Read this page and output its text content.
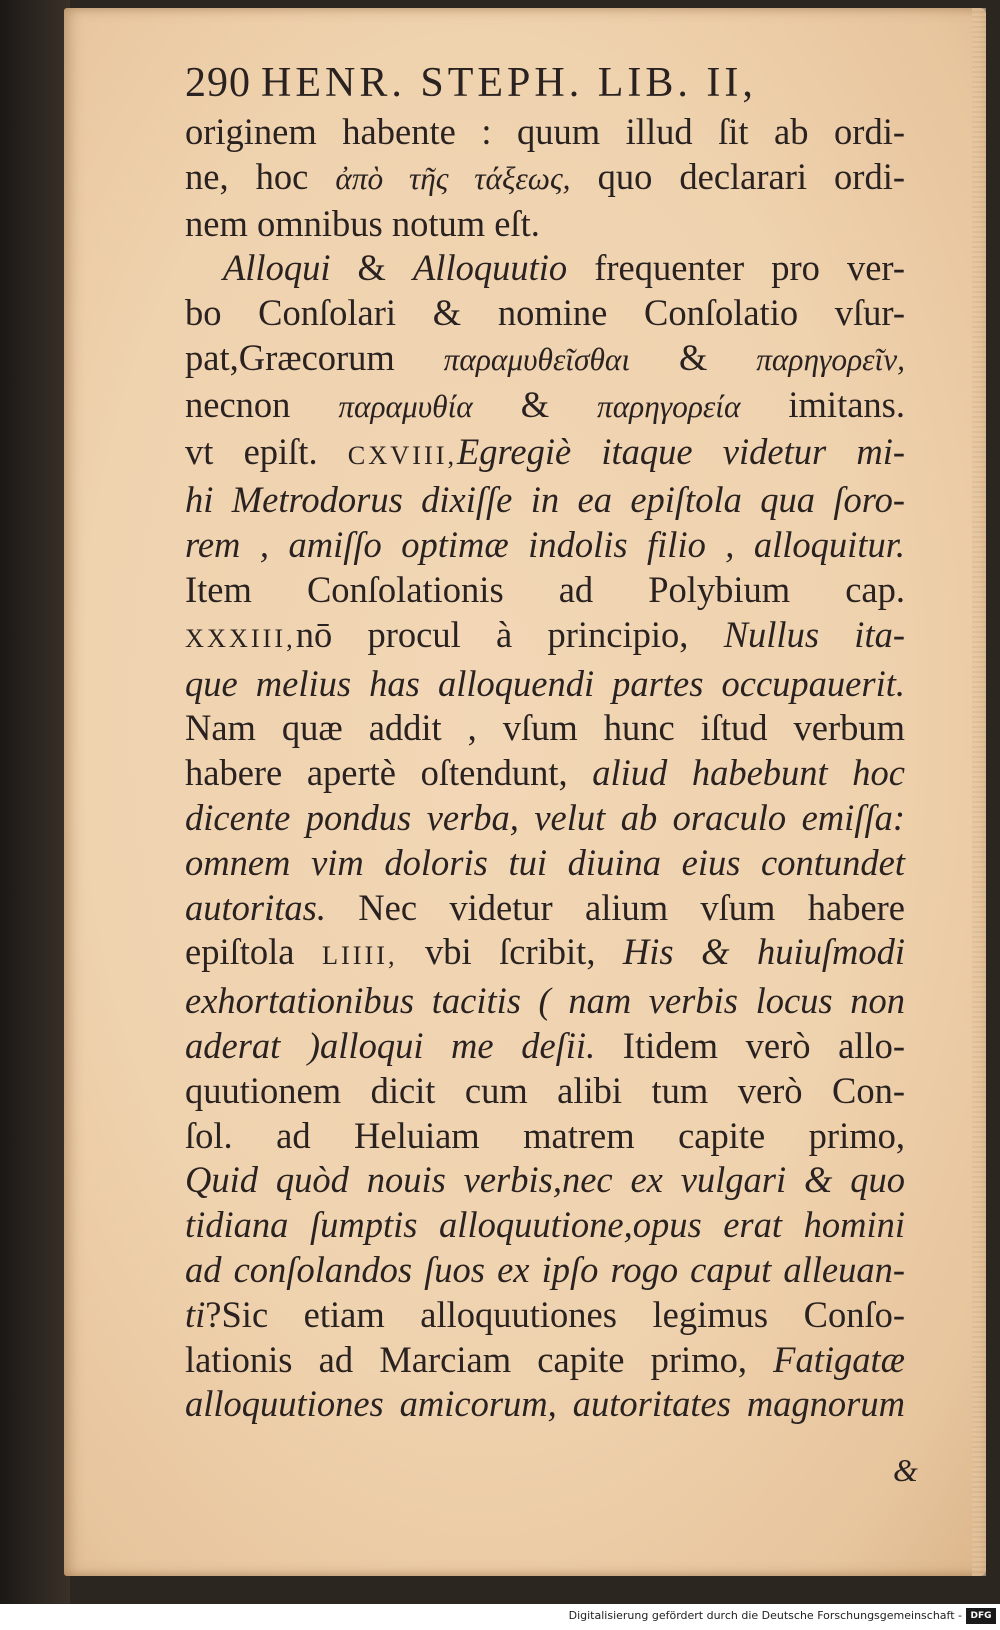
290 HENR. STEPH. LIB. II,
originem habente : quum illud ſit ab ordi-
ne, hoc ἀπὸ τῆς τάξεως, quo declarari ordi-
nem omnibus notum eſt.
Alloqui & Alloquutio frequenter pro ver-
bo Conſolari & nomine Conſolatio vſur-
pat,Græcorum παραμυθεῖσθαι & παρηγορεῖν,
necnon παραμυθία & παρηγορεία imitans.
vt epiſt. CXVIII,Egregiè itaque videtur mi-
hi Metrodorus dixiſſe in ea epiſtola qua ſoro-
rem , amiſſo optimæ indolis filio , alloquitur.
Item Conſolationis ad Polybium cap.
XXXIII,nō procul à principio, Nullus ita-
que melius has alloquendi partes occupauerit.
Nam quæ addit , vſum hunc iſtud verbum
habere apertè oſtendunt, aliud habebunt hoc
dicente pondus verba, velut ab oraculo emiſſa:
omnem vim doloris tui diuina eius contundet
autoritas. Nec videtur alium vſum habere
epiſtola LIIII, vbi ſcribit, His & huiuſmodi
exhortationibus tacitis ( nam verbis locus non
aderat )alloqui me deſii. Itidem verò allo-
quutionem dicit cum alibi tum verò Con-
ſol. ad Heluiam matrem capite primo,
Quid quòd nouis verbis,nec ex vulgari & quo
tidiana ſumptis alloquutione,opus erat homini
ad conſolandos ſuos ex ipſo rogo caput alleuan-
ti?Sic etiam alloquutiones legimus Conſo-
lationis ad Marciam capite primo, Fatigatæ
alloquutiones amicorum, autoritates magnorum
&
Digitalisierung gefördert durch die Deutsche Forschungsgemeinschaft - DFG
